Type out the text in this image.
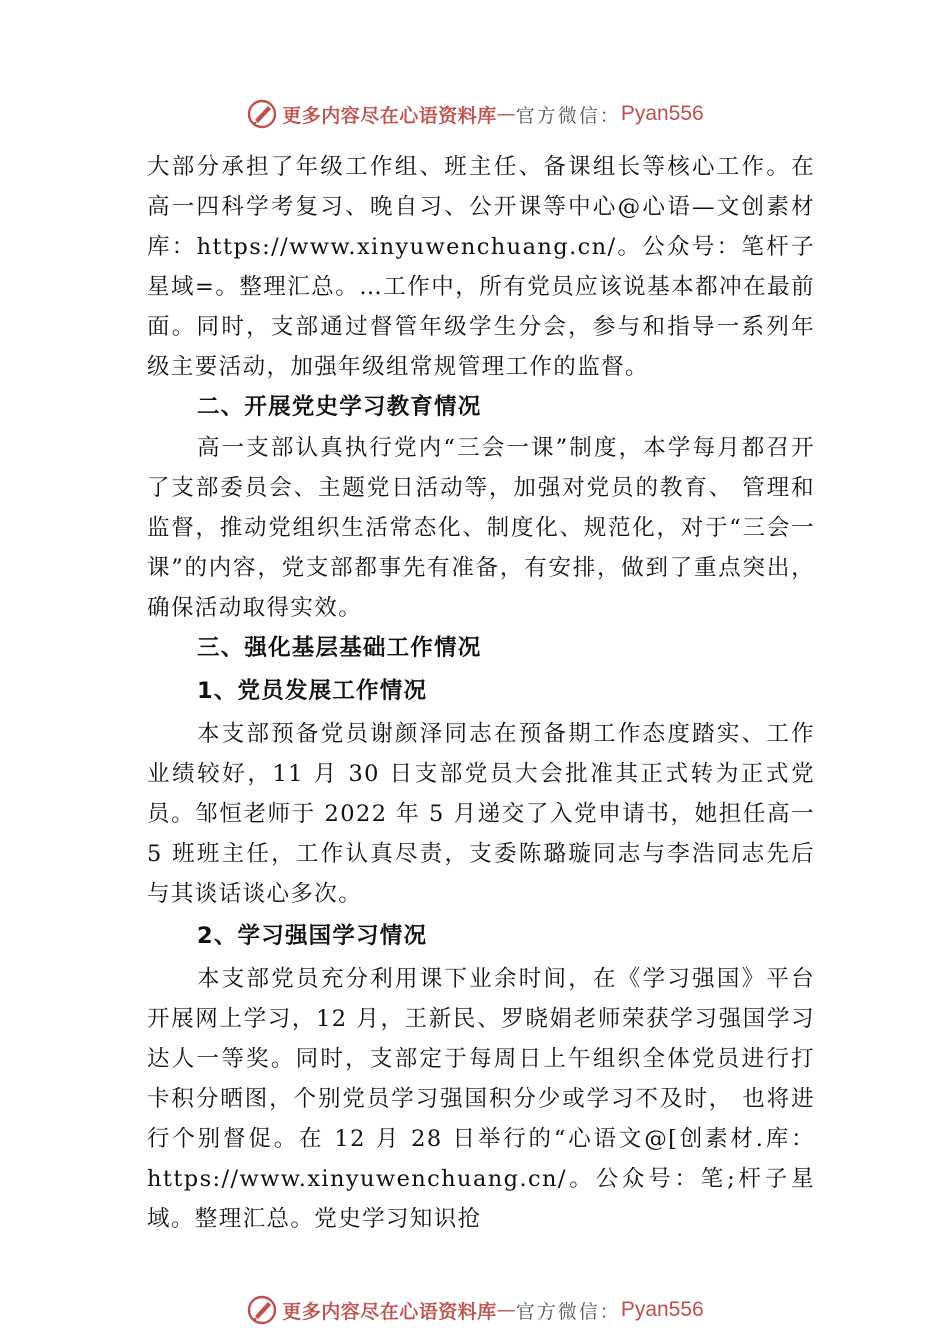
更多内容尽在心语资料库 — 官方微信： Pyan556

大部分承担了年级工作组、班主任、备课组长等核心工作。在高一四科学考复习、晚自习、公开课等中心@心语—文创素材库：https://www.xinyuwenchuang.cn/。公众号：笔杆子星域=。整理汇总。…工作中，所有党员应该说基本都冲在最前面。同时，支部通过督管年级学生分会，参与和指导一系列年级主要活动，加强年级组常规管理工作的监督。

二、开展党史学习教育情况

高一支部认真执行党内“三会一课”制度，本学每月都召开了支部委员会、主题党日活动等，加强对党员的教育、 管理和监督，推动党组织生活常态化、制度化、规范化，对于“三会一课”的内容，党支部都事先有准备，有安排，做到了重点突出，确保活动取得实效。

三、强化基层基础工作情况

1、党员发展工作情况

本支部预备党员谢颜泽同志在预备期工作态度踏实、工作业绩较好，11 月 30 日支部党员大会批准其正式转为正式党员。邹恒老师于 2022 年 5 月递交了入党申请书，她担任高一 5 班班主任，工作认真尽责，支委陈璐璇同志与李浩同志先后与其谈话谈心多次。

2、学习强国学习情况

本支部党员充分利用课下业余时间，在《学习强国》平台开展网上学习，12 月，王新民、罗晓娟老师荣获学习强国学习达人一等奖。同时，支部定于每周日上午组织全体党员进行打卡积分晒图，个别党员学习强国积分少或学习不及时， 也将进行个别督促。在 12 月 28 日举行的“心语文@[创素材.库：https://www.xinyuwenchuang.cn/。公众号：笔;杆子星域。整理汇总。党史学习知识抢

更多内容尽在心语资料库 — 官方微信： Pyan556
